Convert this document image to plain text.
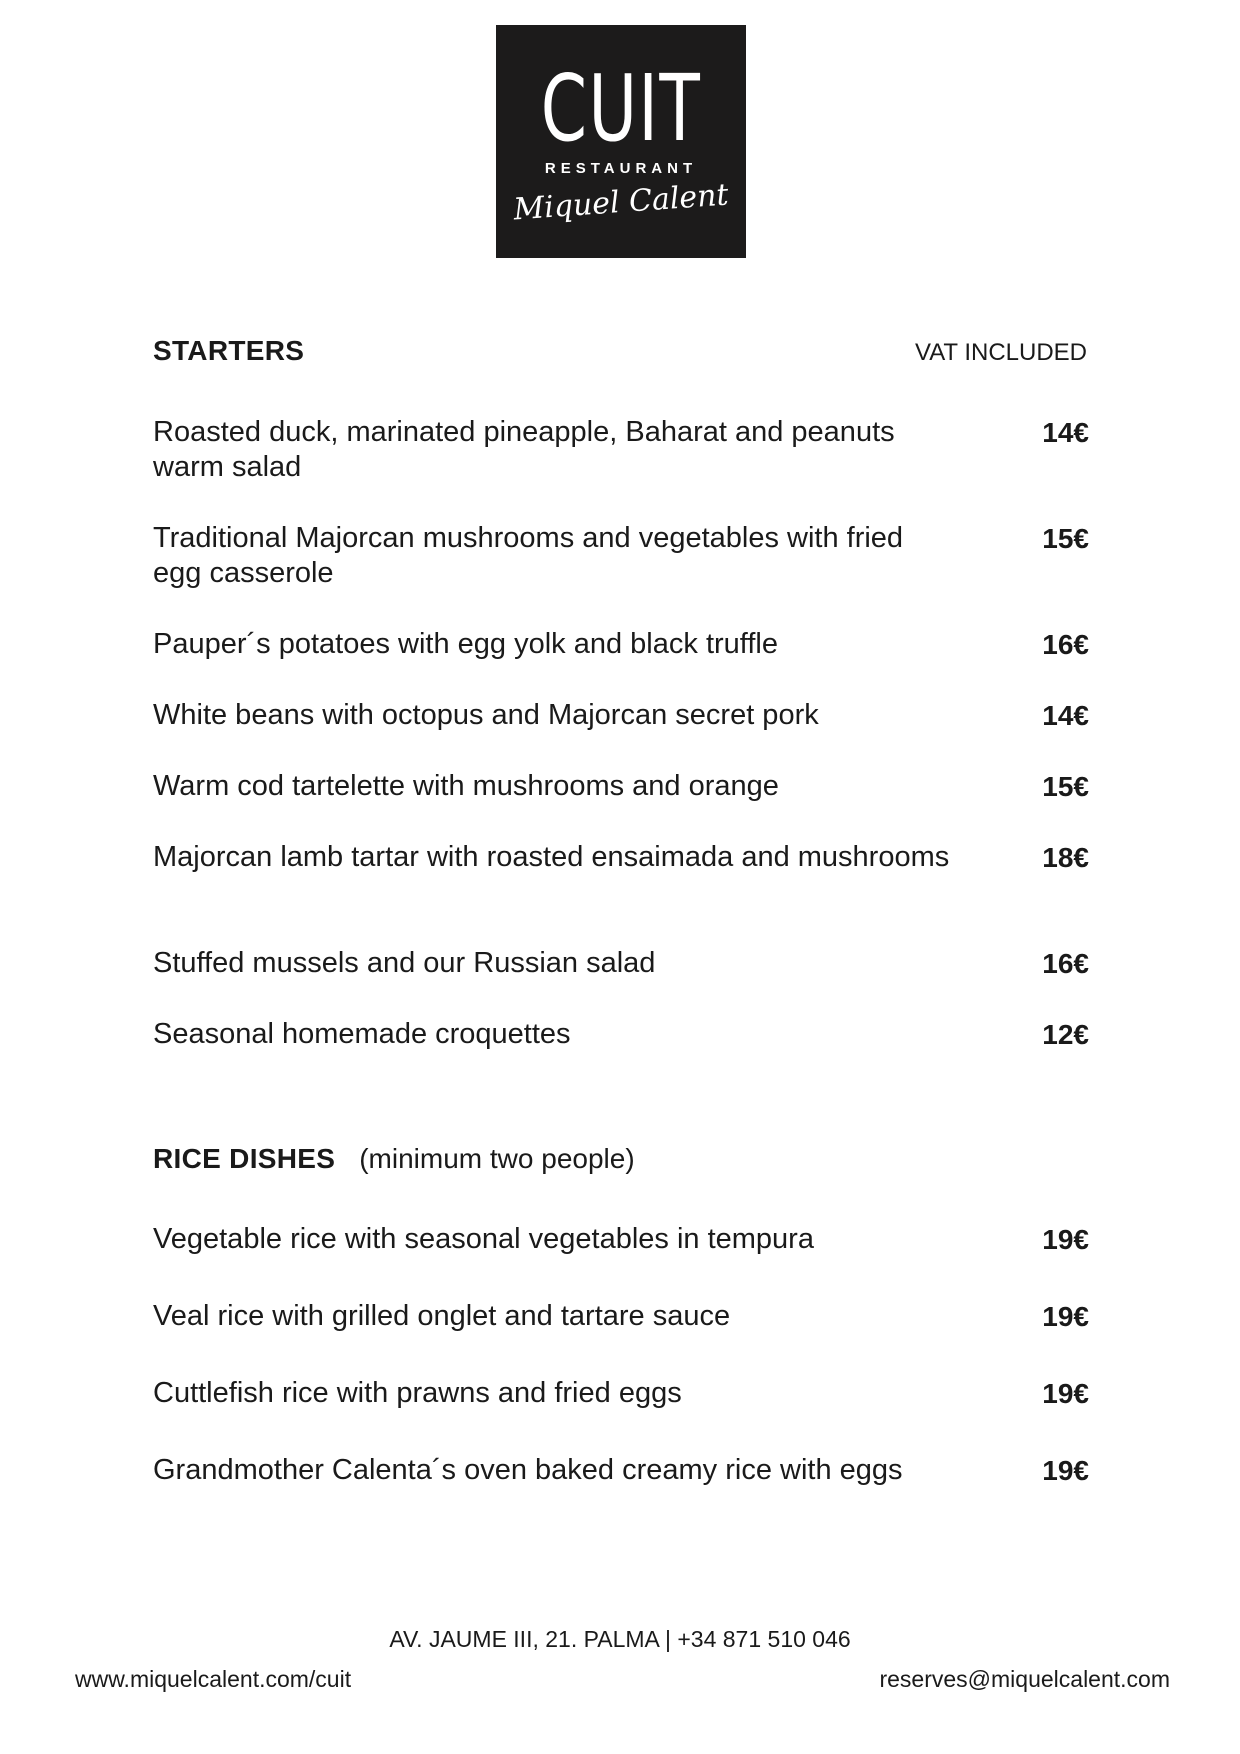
CUIT
RESTAURANT
Miquel Calent
STARTERS	VAT INCLUDED
Roasted duck, marinated pineapple, Baharat and peanuts warm salad
14€
Traditional Majorcan mushrooms and vegetables with fried egg casserole
15€
Pauper´s potatoes with egg yolk and black truffle	16€
White beans with octopus and Majorcan secret pork	14€
Warm cod tartelette with mushrooms and orange	15€
Majorcan lamb tartar with roasted ensaimada and mushrooms	18€
Stuffed mussels and our Russian salad	16€
Seasonal homemade croquettes	12€
RICE DISHES (minimum two people)
Vegetable rice with seasonal vegetables in tempura	19€
Veal rice with grilled onglet and tartare sauce	19€
Cuttlefish rice with prawns and fried eggs	19€
Grandmother Calenta´s oven baked creamy rice with eggs	19€
AV. JAUME III, 21. PALMA | +34 871 510 046
www.miquelcalent.com/cuit	reserves@miquelcalent.com
